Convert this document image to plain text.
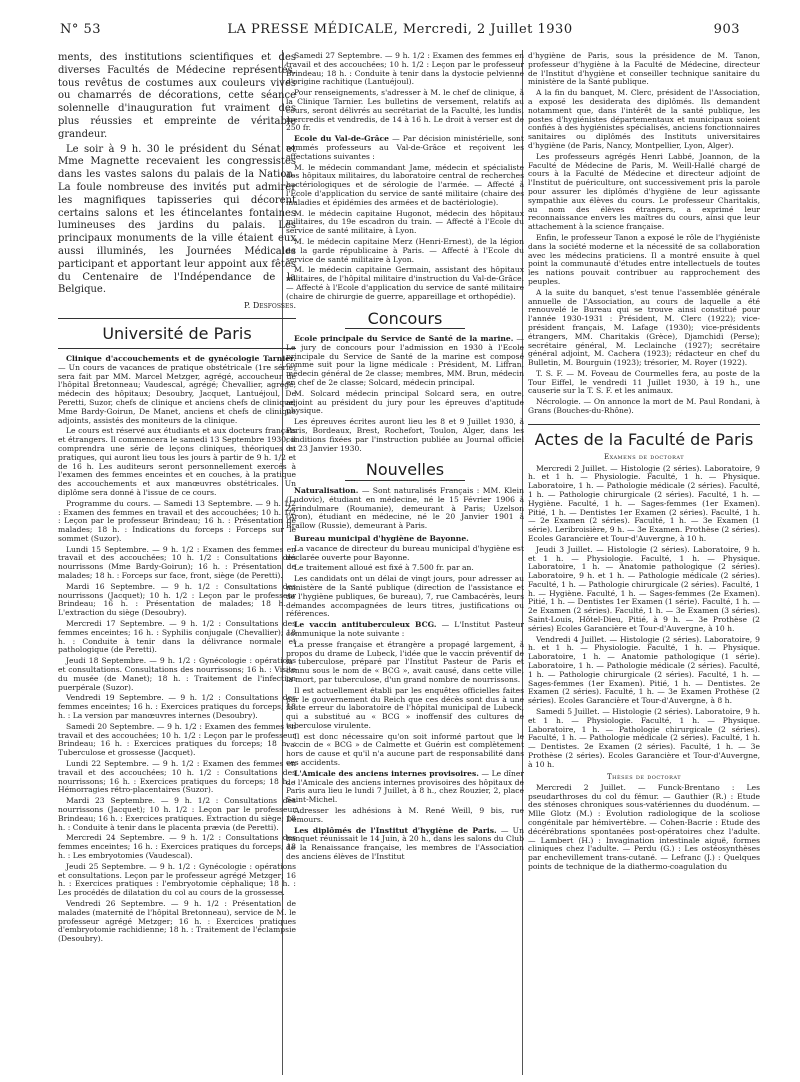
N° 53	LA PRESSE MÉDICALE, Mercredi, 2 Juillet 1930	903

ments, des institutions scientifiques et des diverses Facultés de Médecine représentés, tous revêtus de costumes aux couleurs vives ou chamarrés de décorations, cette séance solennelle d'inauguration fut vraiment des plus réussies et empreinte de véritable grandeur.

Le soir à 9 h. 30 le président du Sénat et Mme Magnette recevaient les congressistes dans les vastes salons du palais de la Nation. La foule nombreuse des invités put admirer les magnifiques tapisseries qui décorent certains salons et les étincelantes fontaines lumineuses des jardins du palais. Les principaux monuments de la ville étaient eux aussi illuminés, les Journées Médicales participant et apportant leur appoint aux fêtes du Centenaire de l'Indépendance de la Belgique.

P. Desfosses.
Université de Paris

Clinique d'accouchements et de gynécologie Tarnier. — Un cours de vacances de pratique obstétricale (1re série) sera fait par MM. Marcel Metzger, agrégé, accoucheur de l'hôpital Bretonneau; Vaudescal, agrégé; Chevallier, agrégé, médecin des hôpitaux; Desoubry, Jacquet, Lantuéjoul, De Peretti, Suzor, chefs de clinique et anciens chefs de clinique; Mme Bardy-Goirun, De Manet, anciens et chefs de clinique adjoints, assistés des moniteurs de la clinique.

Le cours est réservé aux étudiants et aux docteurs français et étrangers. Il commencera le samedi 13 Septembre 1930; il comprendra une série de leçons cliniques, théoriques et pratiques, qui auront lieu tous les jours à partir de 9 h. 1/2 et de 16 h. Les auditeurs seront personnellement exercés à l'examen des femmes enceintes et en couches, à la pratique des accouchements et aux manœuvres obstétricales. Un diplôme sera donné à l'issue de ce cours.

Programme du cours. — Samedi 13 Septembre. — 9 h. 1/2 : Examen des femmes en travail et des accouchées; 10 h. 1/2 : Leçon par le professeur Brindeau; 16 h. : Présentation de malades; 18 h. : Indications du forceps : Forceps sur le sommet (Suzor).

Lundi 15 Septembre. — 9 h. 1/2 : Examen des femmes en travail et des accouchées; 10 h. 1/2 : Consultations des nourrissons (Mme Bardy-Goirun); 16 h. : Présentation de malades; 18 h. : Forceps sur face, front, siège (de Peretti).

Mardi 16 Septembre. — 9 h. 1/2 : Consultations des nourrissons (Jacquet); 10 h. 1/2 : Leçon par le professeur Brindeau; 16 h. : Présentation de malades; 18 h. : L'extraction du siège (Desoubry).

Mercredi 17 Septembre. — 9 h. 1/2 : Consultations des femmes enceintes; 16 h. : Syphilis conjugale (Chevallier); 18 h. : Conduite à tenir dans la délivrance normale et pathologique (de Peretti).

Jeudi 18 Septembre. — 9 h. 1/2 : Gynécologie : opérations et consultations. Consultations des nourrissons; 16 h. : Visite du musée (de Manet); 18 h. : Traitement de l'infection puerpérale (Suzor).

Vendredi 19 Septembre. — 9 h. 1/2 : Consultations des femmes enceintes; 16 h. : Exercices pratiques du forceps; 18 h. : La version par manœuvres internes (Desoubry).

Samedi 20 Septembre. — 9 h. 1/2 : Examen des femmes en travail et des accouchées; 10 h. 1/2 : Leçon par le professeur Brindeau; 16 h. : Exercices pratiques du forceps; 18 h. : Tuberculose et grossesse (Jacquet).

Lundi 22 Septembre. — 9 h. 1/2 : Examen des femmes en travail et des accouchées; 10 h. 1/2 : Consultations des nourrissons; 16 h. : Exercices pratiques du forceps; 18 h. : Hémorragies rétro-placentaires (Suzor).

Mardi 23 Septembre. — 9 h. 1/2 : Consultations des nourrissons (Jacquet); 10 h. 1/2 : Leçon par le professeur Brindeau; 16 h. : Exercices pratiques. Extraction du siège; 18 h. : Conduite à tenir dans le placenta prævia (de Peretti).

Mercredi 24 Septembre. — 9 h. 1/2 : Consultations des femmes enceintes; 16 h. : Exercices pratiques du forceps; 18 h. : Les embryotomies (Vaudescal).

Jeudi 25 Septembre. — 9 h. 1/2 : Gynécologie : opérations et consultations. Leçon par le professeur agrégé Metzger; 16 h. : Exercices pratiques : l'embryotomie céphalique; 18 h. : Les procédés de dilatation du col au cours de la grossesse.

Vendredi 26 Septembre. — 9 h. 1/2 : Présentation de malades (maternité de l'hôpital Bretonneau), service de M. le professeur agrégé Metzger; 16 h. : Exercices pratiques d'embryotomie rachidienne; 18 h. : Traitement de l'éclampsie (Desoubry).

Samedi 27 Septembre. — 9 h. 1/2 : Examen des femmes en travail et des accouchées; 10 h. 1/2 : Leçon par le professeur Brindeau; 18 h. : Conduite à tenir dans la dystocie pelvienne d'origine rachitique (Lantuéjoul).

Pour renseignements, s'adresser à M. le chef de clinique, à la Clinique Tarnier. Les bulletins de versement, relatifs au cours, seront délivrés au secrétariat de la Faculté, les lundis, mercredis et vendredis, de 14 à 16 h. Le droit à verser est de 250 fr.

Ecole du Val-de-Grâce — Par décision ministérielle, sont nommés professeurs au Val-de-Grâce et reçoivent les affectations suivantes :

M. le médecin commandant Jame, médecin et spécialiste des hôpitaux militaires, du laboratoire central de recherches bactériologiques et de sérologie de l'armée. — Affecté à l'Ecole d'application du service de santé militaire (chaire des maladies et épidémies des armées et de bactériologie).

M. le médecin capitaine Hugonot, médecin des hôpitaux militaires, du 19e escadron du train. — Affecté à l'Ecole du service de santé militaire, à Lyon.

M. le médecin capitaine Merz (Henri-Ernest), de la légion de la garde républicaine à Paris. — Affecté à l'Ecole du service de santé militaire à Lyon.

M. le médecin capitaine Germain, assistant des hôpitaux militaires, de l'hôpital militaire d'instruction du Val-de-Grâce. — Affecté à l'Ecole d'application du service de santé militaire (chaire de chirurgie de guerre, appareillage et orthopédie).

Concours

Ecole principale du Service de Santé de la marine. — Le jury de concours pour l'admission en 1930 à l'Ecole principale du Service de Santé de la marine est composé comme suit pour la ligne médicale : Président, M. Liffran, médecin général de 2e classe; membres, MM. Brun, médecin en chef de 2e classe; Solcard, médecin principal.

M. Solcard médecin principal Solcard sera, en outre, adjoint au président du jury pour les épreuves d'aptitude physique.

Les épreuves écrites auront lieu les 8 et 9 Juillet 1930, à Paris, Bordeaux, Brest, Rochefort, Toulon, Alger, dans les conditions fixées par l'instruction publiée au Journal officiel du 23 Janvier 1930.

Nouvelles

Naturalisation. — Sont naturalisés Français : MM. Klein (Ludovic), étudiant en médecine, né le 15 Février 1906 à Zerindulmare (Roumanie), demeurant à Paris; Uzelson (Aron), étudiant en médecine, né le 20 Janvier 1901 à Braïlow (Russie), demeurant à Paris.

Bureau municipal d'hygiène de Bayonne.

La vacance de directeur du bureau municipal d'hygiène est déclarée ouverte pour Bayonne.

Le traitement alloué est fixé à 7.500 fr. par an.

Les candidats ont un délai de vingt jours, pour adresser au ministère de la Santé publique (direction de l'assistance et de l'hygiène publiques, 6e bureau), 7, rue Cambacérès, leurs demandes accompagnées de leurs titres, justifications ou références.

Le vaccin antituberculeux BCG. — L'Institut Pasteur communique la note suivante :

La presse française et étrangère a propagé largement, à propos du drame de Lubeck, l'idée que le vaccin préventif de la tuberculose, préparé par l'Institut Pasteur de Paris et connu sous le nom de « BCG », avait causé, dans cette ville, la mort, par tuberculose, d'un grand nombre de nourrissons.

Il est actuellement établi par les enquêtes officielles faites par le gouvernement du Reich que ces décès sont dus à une faute erreur du laboratoire de l'hôpital municipal de Lubeck, qui a substitué au « BCG » inoffensif des cultures de tuberculose virulente.

Il est donc nécessaire qu'on soit informé partout que le vaccin de « BCG » de Calmette et Guérin est complètement hors de cause et qu'il n'a aucune part de responsabilité dans ces accidents.

L'Amicale des anciens internes provisoires. — Le dîner de l'Amicale des anciens internes provisoires des hôpitaux de Paris aura lieu le lundi 7 Juillet, à 8 h., chez Rouzier, 2, place Saint-Michel.

Adresser les adhésions à M. René Weill, 9 bis, rue Demours.

Les diplômés de l'Institut d'hygiène de Paris. — Un banquet réunissait le 14 Juin, à 20 h., dans les salons du Club de la Renaissance française, les membres de l'Association des anciens élèves de l'Institut

d'hygiène de Paris, sous la présidence de M. Tanon, professeur d'hygiène à la Faculté de Médecine, directeur de l'Institut d'hygiène et conseiller technique sanitaire du ministère de la Santé publique.

A la fin du banquet, M. Clerc, président de l'Association, a exposé les desiderata des diplômés. Ils demandent notamment que, dans l'intérêt de la santé publique, les postes d'hygiénistes départementaux et municipaux soient confiés à des hygiénistes spécialisés, anciens fonctionnaires sanitaires ou diplômés des Instituts universitaires d'hygiène (de Paris, Nancy, Montpellier, Lyon, Alger).

Les professeurs agrégés Henri Labbé, Joannon, de la Faculté de Médecine de Paris, M. Weill-Hallé chargé de cours à la Faculté de Médecine et directeur adjoint de l'Institut de puériculture, ont successivement pris la parole pour assurer les diplômés d'hygiène de leur agissante sympathie aux élèves du cours. Le professeur Charitakis, au nom des élèves étrangers, a exprimé leur reconnaissance envers les maîtres du cours, ainsi que leur attachement à la science française.

Enfin, le professeur Tanon a exposé le rôle de l'hygiéniste dans la société moderne et la nécessité de sa collaboration avec les médecins praticiens. Il a montré ensuite à quel point la communauté d'études entre intellectuels de toutes les nations pouvait contribuer au rapprochement des peuples.

A la suite du banquet, s'est tenue l'assemblée générale annuelle de l'Association, au cours de laquelle a été renouvelé le Bureau qui se trouve ainsi constitué pour l'année 1930-1931 : Président, M. Clerc (1922); vice-président français, M. Lafage (1930); vice-présidents étrangers, MM. Charitakis (Grèce), Djamchidi (Perse); secrétaire général, M. Leclainche (1927); secrétaire général adjoint, M. Cachera (1923); rédacteur en chef du Bulletin, M. Bourguin (1923); trésorier, M. Royer (1922).

T. S. F. — M. Foveau de Courmelles fera, au poste de la Tour Eiffel, le vendredi 11 Juillet 1930, à 19 h., une causerie sur la T. S. F. et les animaux.

Nécrologie. — On annonce la mort de M. Paul Rondani, à Grans (Bouches-du-Rhône).

Actes de la Faculté de Paris
Examens de doctorat

Mercredi 2 Juillet. — Histologie (2 séries). Laboratoire, 9 h. et 1 h. — Physiologie. Faculté, 1 h. — Physique. Laboratoire, 1 h. — Pathologie médicale (2 séries). Faculté, 1 h. — Pathologie chirurgicale (2 séries). Faculté, 1 h. — Hygiène. Faculté, 1 h. — Sages-femmes (1er Examen). Pitié, 1 h. — Dentistes 1er Examen (2 séries). Faculté, 1 h. — 2e Examen (2 séries). Faculté, 1 h. — 3e Examen (1 série). Leribroisière, 9 h. — 3e Examen. Prothèse (2 séries). Ecoles Garancière et Tour-d'Auvergne, à 10 h.

Jeudi 3 Juillet. — Histologie (2 séries). Laboratoire, 9 h. et 1 h. — Physiologie. Faculté, 1 h. — Physique. Laboratoire, 1 h. — Anatomie pathologique (2 séries). Laboratoire, 9 h. et 1 h. — Pathologie médicale (2 séries). Faculté, 1 h. — Pathologie chirurgicale (2 séries). Faculté, 1 h. — Hygiène. Faculté, 1 h. — Sages-femmes (2e Examen). Pitié, 1 h. — Dentistes 1er Examen (1 série). Faculté, 1 h. — 2e Examen (2 séries). Faculté, 1 h. — 3e Examen (3 séries). Saint-Louis, Hôtel-Dieu, Pitié, à 9 h. — 3e Prothèse (2 séries) Ecoles Garancière et Tour-d'Auvergne, à 10 h.

Vendredi 4 Juillet. — Histologie (2 séries). Laboratoire, 9 h. et 1 h. — Physiologie. Faculté, 1 h. — Physique. Laboratoire, 1 h. — Anatomie pathologique (1 série). Laboratoire, 1 h. — Pathologie médicale (2 séries). Faculté, 1 h. — Pathologie chirurgicale (2 séries). Faculté, 1 h. — Sages-femmes (1er Examen). Pitié, 1 h. — Dentistes. 2e Examen (2 séries). Faculté, 1 h. — 3e Examen Prothèse (2 séries). Ecoles Garancière et Tour-d'Auvergne, à 8 h.

Samedi 5 Juillet. — Histologie (2 séries). Laboratoire, 9 h. et 1 h. — Physiologie. Faculté, 1 h. — Physique. Laboratoire, 1 h. — Pathologie chirurgicale (2 séries). Faculté, 1 h. — Pathologie médicale (2 séries). Faculté, 1 h. — Dentistes. 2e Examen (2 séries). Faculté, 1 h. — 3e Prothèse (2 séries). Ecoles Garancière et Tour-d'Auvergne, à 10 h.

Thèses de doctorat

Mercredi 2 Juillet. — Funck-Brentano : Les pseudarthroses du col du fémur. — Gauthier (R.) : Etude des sténoses chroniques sous-vatériennes du duodénum. — Mlle Glotz (M.) : Evolution radiologique de la scoliose congénitale par hémivertèbre. — Cohen-Bacrie : Etude des décérébrations spontanées post-opératoires chez l'adulte. — Lambert (H.) : Invagination intestinale aiguë, formes cliniques chez l'adulte. — Perdu (G.) : Les ostéosynthèses par enchevillement trans-cutané. — Lefranc (J.) : Quelques points de technique de la diathermo-coagulation du
